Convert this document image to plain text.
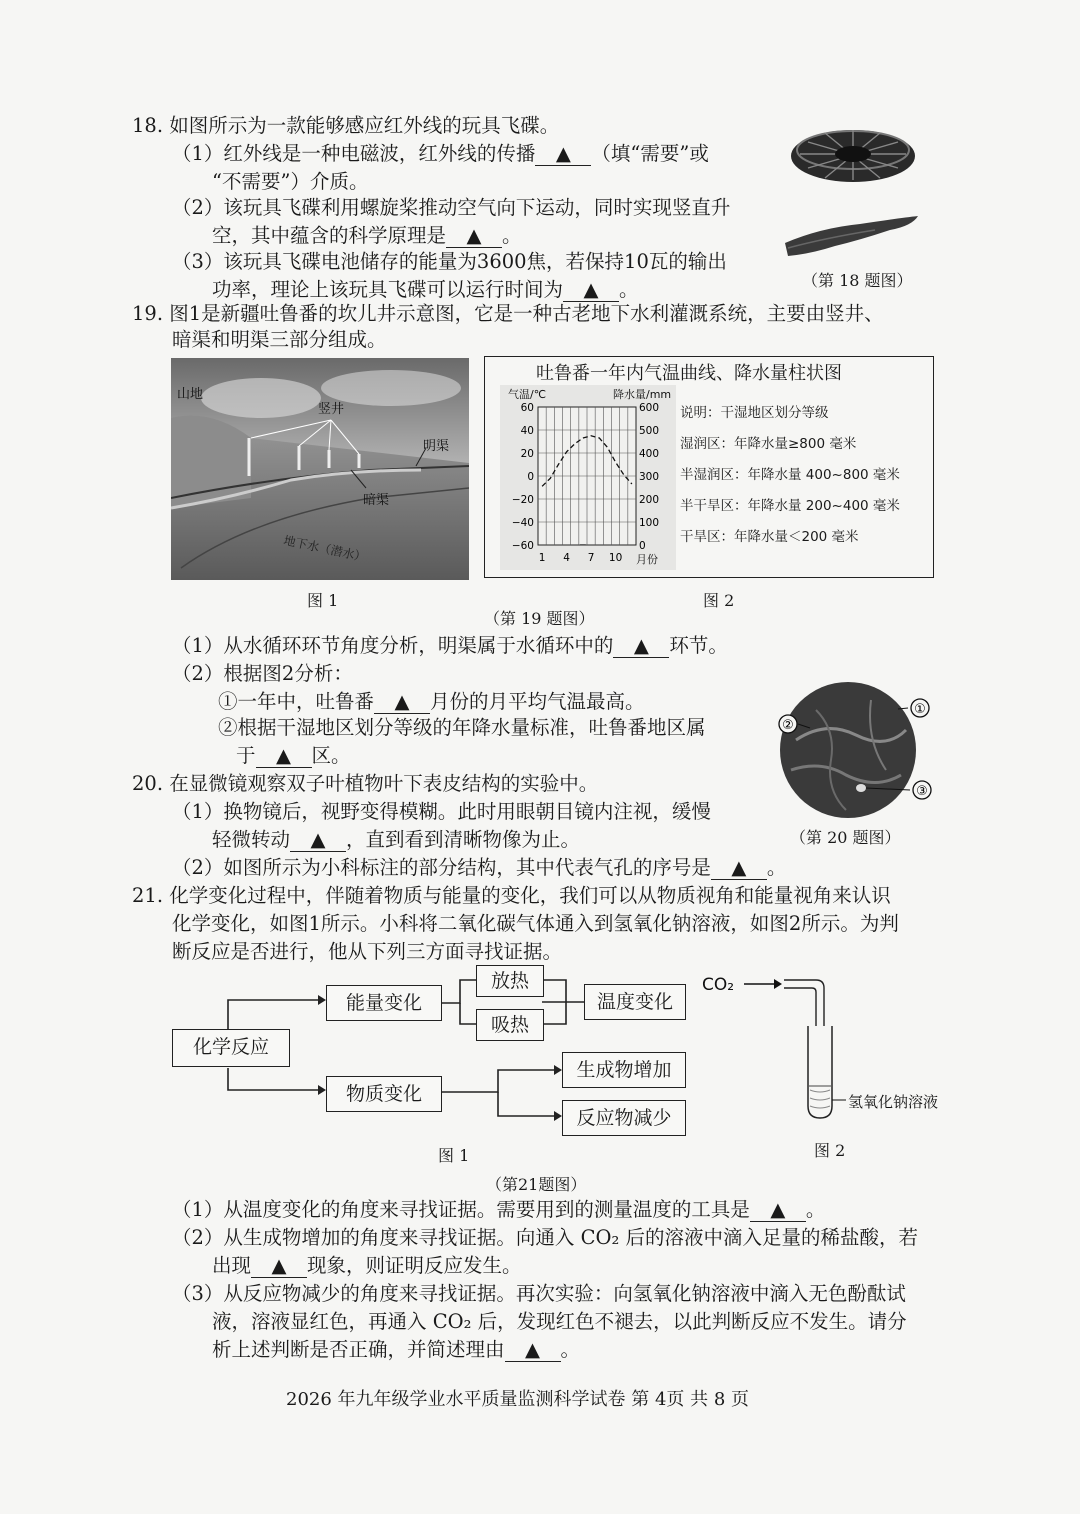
18. 如图所示为一款能够感应红外线的玩具飞碟。
（1）红外线是一种电磁波，红外线的传播 ▲ （填“需要”或
“不需要”）介质。
（2）该玩具飞碟利用螺旋桨推动空气向下运动，同时实现竖直升
空，其中蕴含的科学原理是 ▲ 。
（3）该玩具飞碟电池储存的能量为3600焦，若保持10瓦的输出
功率，理论上该玩具飞碟可以运行时间为 ▲ 。	（第 18 题图）
19. 图1是新疆吐鲁番的坎儿井示意图，它是一种古老地下水利灌溉系统，主要由竖井、
暗渠和明渠三部分组成。
山地
竖井
明渠
暗渠
地下水（潜水）
图 1
吐鲁番一年内气温曲线、降水量柱状图
气温/℃	降水量/mm
60
40
20
0
−20
−40
−60
600
500
400
300
200
100
0
1 4 7 10 月份
说明：干湿地区划分等级
湿润区：年降水量≥800 毫米
半湿润区：年降水量 400~800 毫米
半干旱区：年降水量 200~400 毫米
干旱区：年降水量＜200 毫米
图 2
（第 19 题图）
（1）从水循环环节角度分析，明渠属于水循环中的 ▲ 环节。
（2）根据图2分析：
①一年中，吐鲁番 ▲ 月份的月平均气温最高。
②根据干湿地区划分等级的年降水量标准，吐鲁番地区属
于 ▲ 区。
①
②
③
（第 20 题图）
20. 在显微镜观察双子叶植物叶下表皮结构的实验中。
（1）换物镜后，视野变得模糊。此时用眼朝目镜内注视，缓慢
轻微转动 ▲ ，直到看到清晰物像为止。
（2）如图所示为小科标注的部分结构，其中代表气孔的序号是 ▲ 。
21. 化学变化过程中，伴随着物质与能量的变化，我们可以从物质视角和能量视角来认识
化学变化，如图1所示。小科将二氧化碳气体通入到氢氧化钠溶液，如图2所示。为判
断反应是否进行，他从下列三方面寻找证据。
化学反应
能量变化
放热
吸热
温度变化
物质变化
生成物增加
反应物减少
图 1
CO₂
氢氧化钠溶液
图 2
（第21题图）
（1）从温度变化的角度来寻找证据。需要用到的测量温度的工具是 ▲ 。
（2）从生成物增加的角度来寻找证据。向通入 CO₂ 后的溶液中滴入足量的稀盐酸，若
出现 ▲ 现象，则证明反应发生。
（3）从反应物减少的角度来寻找证据。再次实验：向氢氧化钠溶液中滴入无色酚酞试
液，溶液显红色，再通入 CO₂ 后，发现红色不褪去，以此判断反应不发生。请分
析上述判断是否正确，并简述理由 ▲ 。
2026 年九年级学业水平质量监测科学试卷 第 4页 共 8 页
